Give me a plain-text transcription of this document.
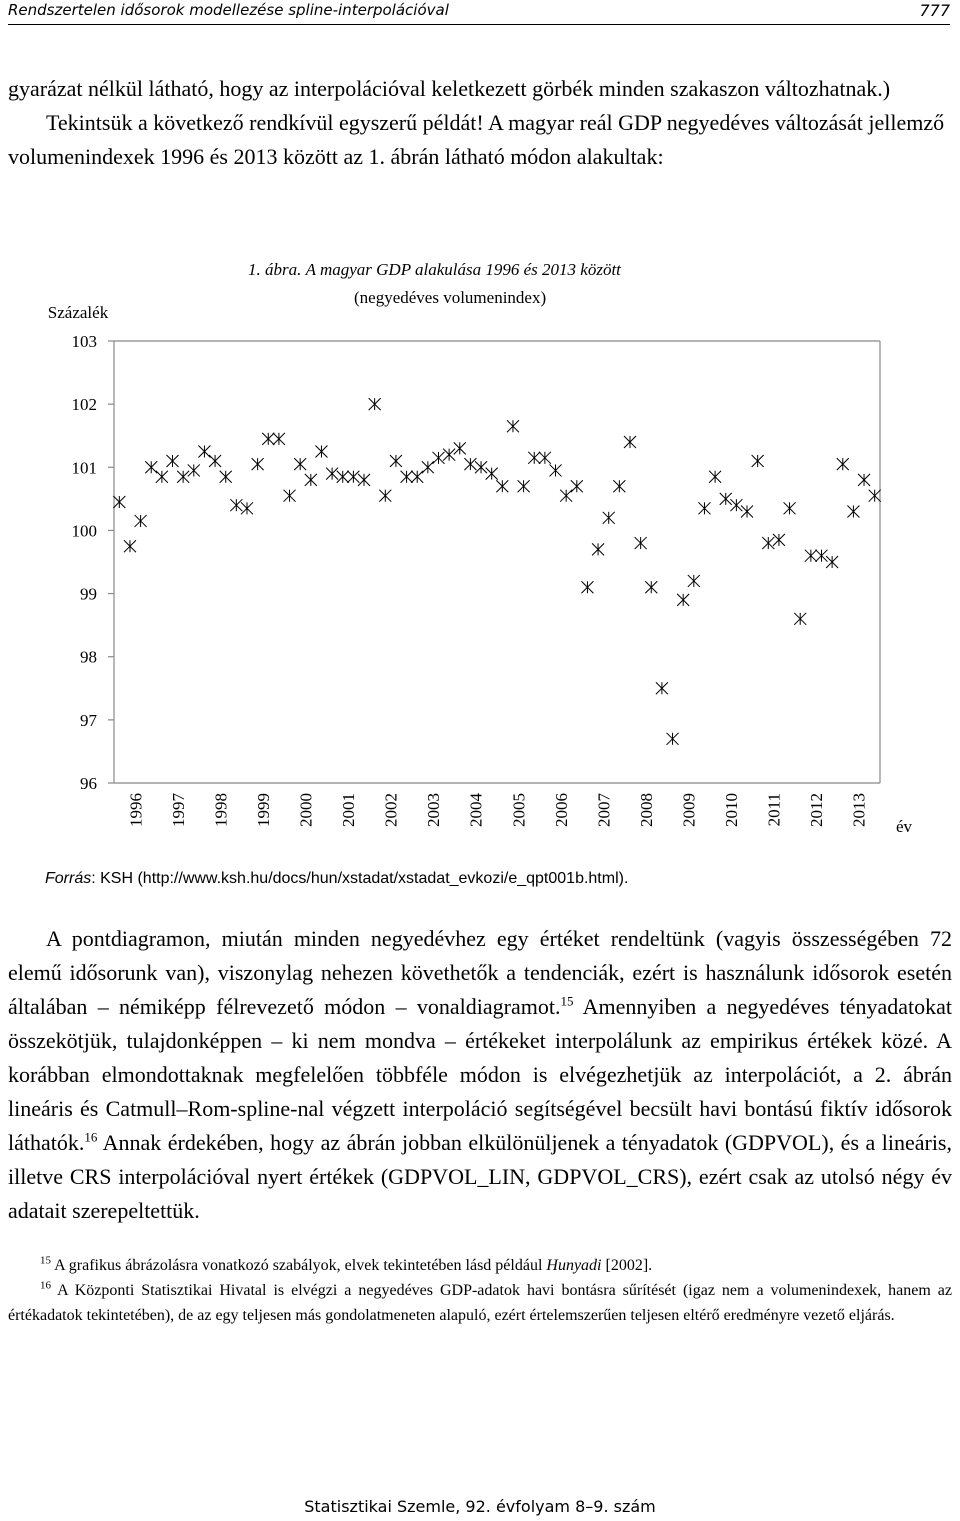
Rendszertelen idősorok modellezése spline-interpolációval	777
gyarázat nélkül látható, hogy az interpolációval keletkezett görbék minden szakaszon változhatnak.)
Tekintsük a következő rendkívül egyszerű példát! A magyar reál GDP negyedéves változását jellemző volumenindexek 1996 és 2013 között az 1. ábrán látható módon alakultak:
1. ábra. A magyar GDP alakulása 1996 és 2013 között
(negyedéves volumenindex)
Százalék
103
102
101
100
99
98
97
96
1996 1997 1998 1999 2000 2001 2002 2003 2004 2005 2006 2007 2008 2009 2010 2011 2012 2013 év
Forrás: KSH (http://www.ksh.hu/docs/hun/xstadat/xstadat_evkozi/e_qpt001b.html).
A pontdiagramon, miután minden negyedévhez egy értéket rendeltünk (vagyis összességében 72 elemű idősorunk van), viszonylag nehezen követhetők a tendenciák, ezért is használunk idősorok esetén általában – némiképp félrevezető módon – vonaldiagramot.$^{15}$ Amennyiben a negyedéves tényadatokat összekötjük, tulajdonképpen – ki nem mondva – értékeket interpolálunk az empirikus értékek közé. A korábban elmondottaknak megfelelően többféle módon is elvégezhetjük az interpolációt, a 2. ábrán lineáris és Catmull–Rom-spline-nal végzett interpoláció segítségével becsült havi bontású fiktív idősorok láthatók.$^{16}$ Annak érdekében, hogy az ábrán jobban elkülönüljenek a tényadatok (GDPVOL), és a lineáris, illetve CRS interpolációval nyert értékek (GDPVOL_LIN, GDPVOL_CRS), ezért csak az utolsó négy év adatait szerepeltettük.

$^{15}$ A grafikus ábrázolásra vonatkozó szabályok, elvek tekintetében lásd például Hunyadi [2002].

$^{16}$ A Központi Statisztikai Hivatal is elvégzi a negyedéves GDP-adatok havi bontásra sűrítését (igaz nem a volumenindexek, hanem az értékadatok tekintetében), de az egy teljesen más gondolatmeneten alapuló, ezért értelemszerűen teljesen eltérő eredményre vezető eljárás.

Statisztikai Szemle, 92. évfolyam 8–9. szám
